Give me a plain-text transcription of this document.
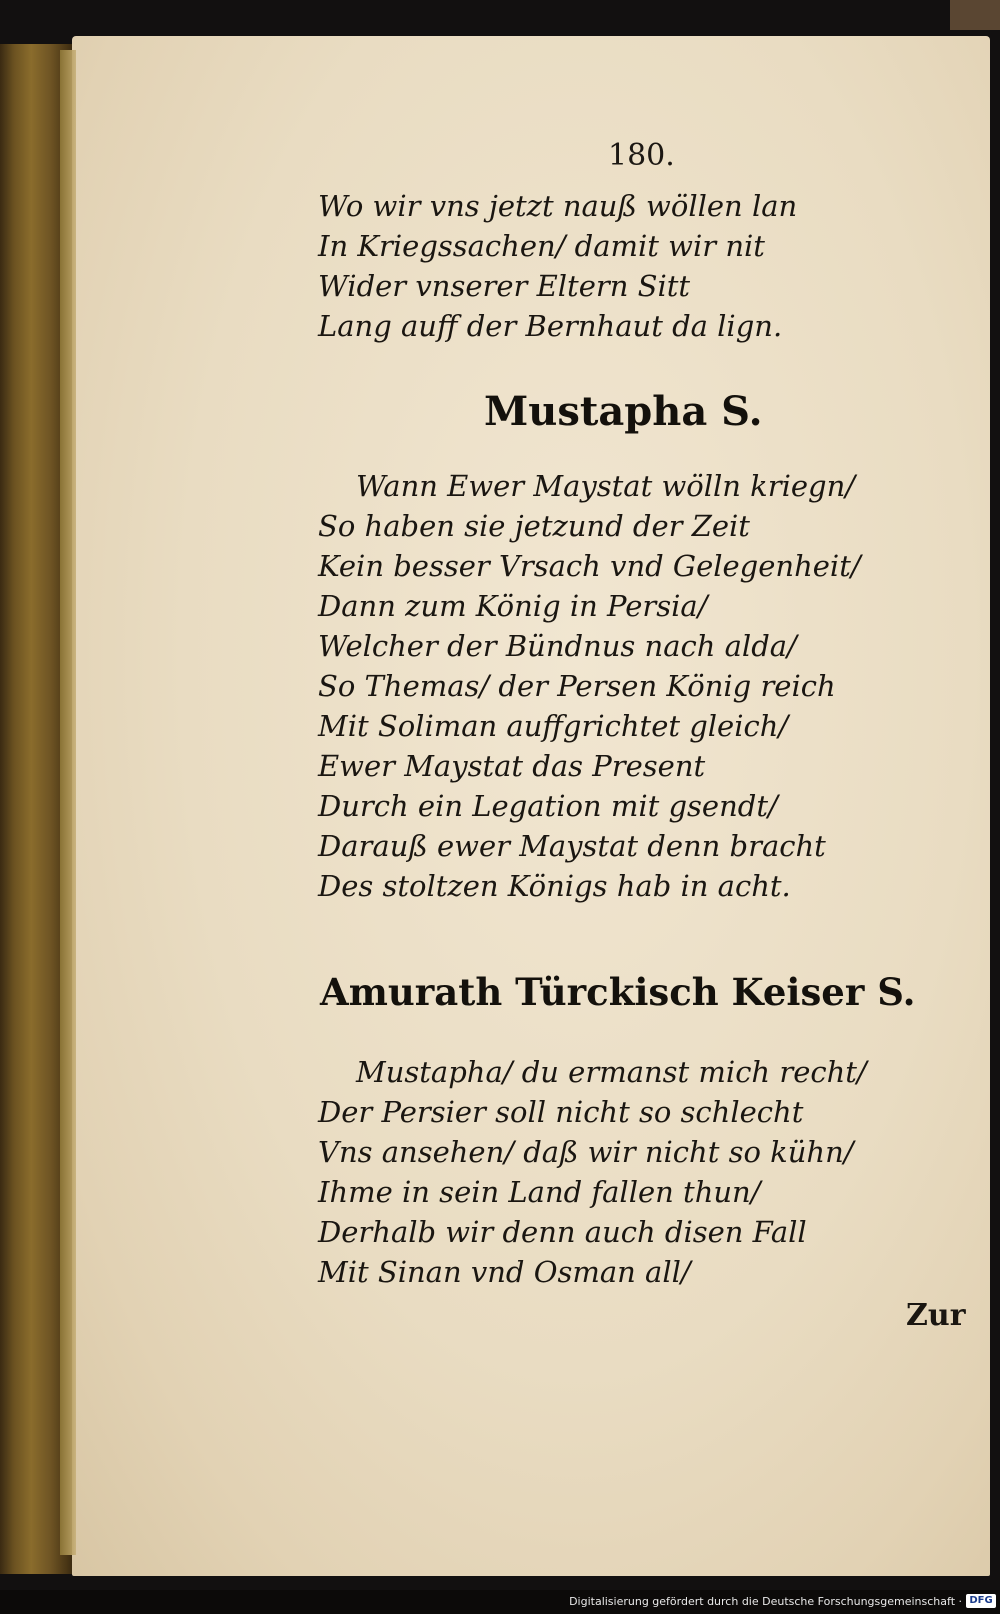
180.
Wo wir vns jetzt nauß wöllen lan
In Kriegssachen/ damit wir nit
Wider vnserer Eltern Sitt
Lang auff der Bernhaut da lign.
Mustapha S.
Wann Ewer Maystat wölln kriegn/
So haben sie jetzund der Zeit
Kein besser Vrsach vnd Gelegenheit/
Dann zum König in Persia/
Welcher der Bündnus nach alda/
So Themas/ der Persen König reich
Mit Soliman auffgrichtet gleich/
Ewer Maystat das Present
Durch ein Legation mit gsendt/
Darauß ewer Maystat denn bracht
Des stoltzen Königs hab in acht.
Amurath Türckisch Keiser S.
Mustapha/ du ermanst mich recht/
Der Persier soll nicht so schlecht
Vns ansehen/ daß wir nicht so kühn/
Ihme in sein Land fallen thun/
Derhalb wir denn auch disen Fall
Mit Sinan vnd Osman all/
Zur
Digitalisierung gefördert durch die Deutsche Forschungsgemeinschaft · DFG
